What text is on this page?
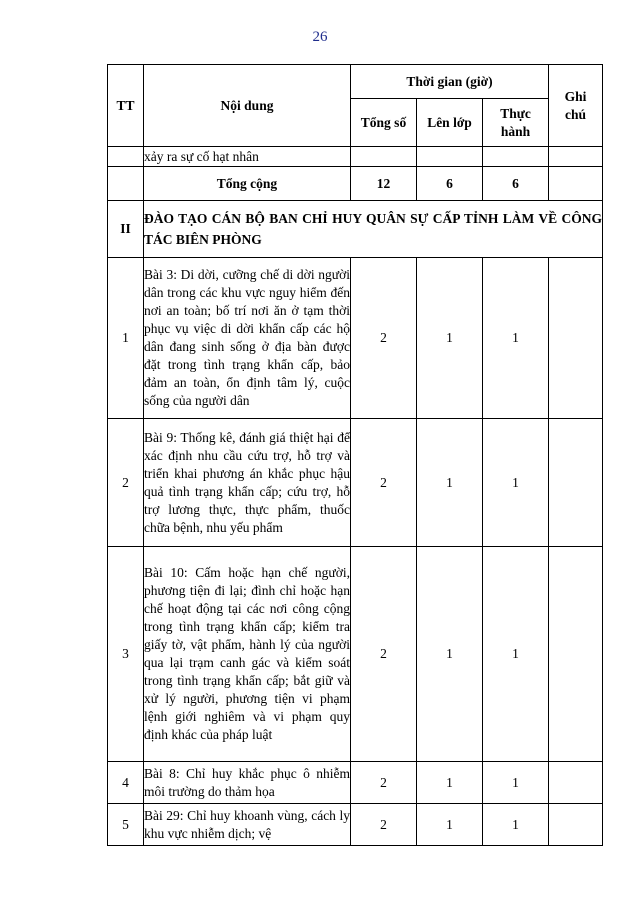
26
TT	Nội dung	Thời gian (giờ)			Ghi chú
		Tổng số	Lên lớp	Thực hành	
	xảy ra sự cố hạt nhân				
	Tổng cộng	12	6	6	
II	ĐÀO TẠO CÁN BỘ BAN CHỈ HUY QUÂN SỰ CẤP TỈNH LÀM VỀ CÔNG TÁC BIÊN PHÒNG				
1	Bài 3: Di dời, cưỡng chế di dời người dân trong các khu vực nguy hiểm đến nơi an toàn; bố trí nơi ăn ở tạm thời phục vụ việc di dời khẩn cấp các hộ dân đang sinh sống ở địa bàn được đặt trong tình trạng khẩn cấp, bảo đảm an toàn, ổn định tâm lý, cuộc sống của người dân	2	1	1	
2	Bài 9: Thống kê, đánh giá thiệt hại để xác định nhu cầu cứu trợ, hỗ trợ và triển khai phương án khắc phục hậu quả tình trạng khẩn cấp; cứu trợ, hỗ trợ lương thực, thực phẩm, thuốc chữa bệnh, nhu yếu phẩm	2	1	1	
3	Bài 10: Cấm hoặc hạn chế người, phương tiện đi lại; đình chỉ hoặc hạn chế hoạt động tại các nơi công cộng trong tình trạng khẩn cấp; kiểm tra giấy tờ, vật phẩm, hành lý của người qua lại trạm canh gác và kiểm soát trong tình trạng khẩn cấp; bắt giữ và xử lý người, phương tiện vi phạm lệnh giới nghiêm và vi phạm quy định khác của pháp luật	2	1	1	
4	Bài 8: Chỉ huy khắc phục ô nhiễm môi trường do thảm họa	2	1	1	
5	Bài 29: Chỉ huy khoanh vùng, cách ly khu vực nhiễm dịch; vệ	2	1	1	
